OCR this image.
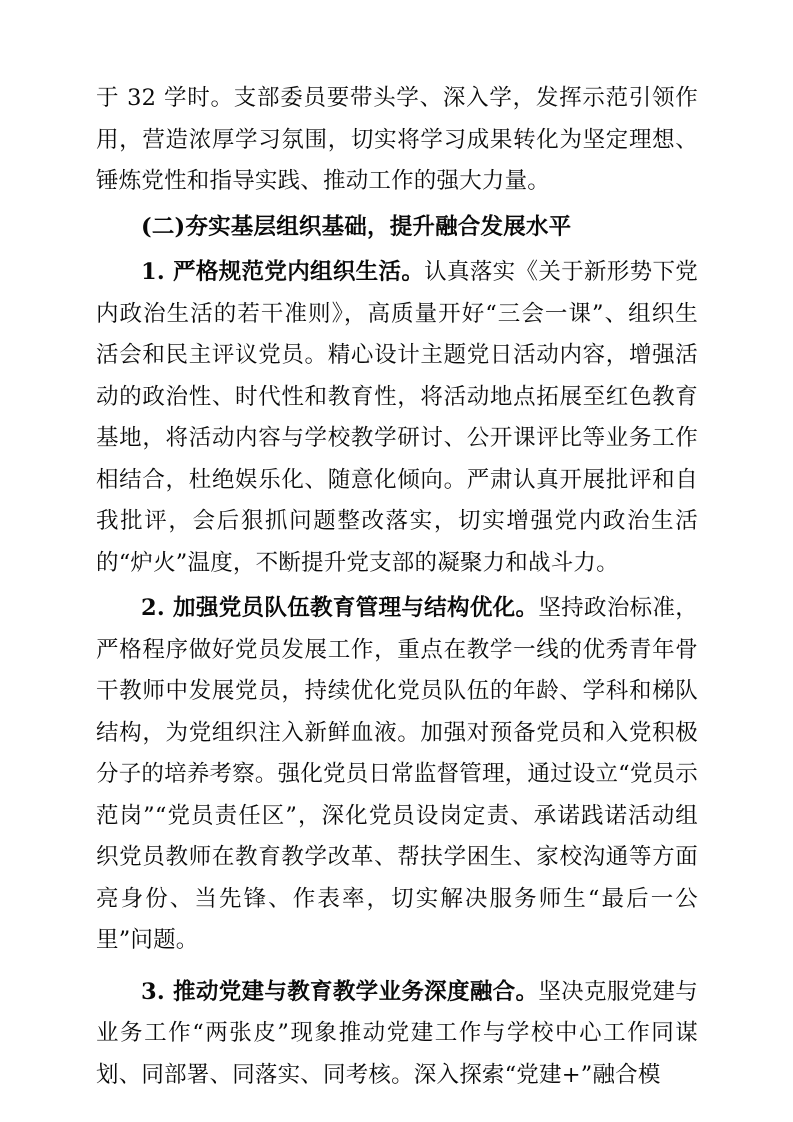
于 32 学时。支部委员要带头学、深入学，发挥示范引领作用，营造浓厚学习氛围，切实将学习成果转化为坚定理想、锤炼党性和指导实践、推动工作的强大力量。

(二)夯实基层组织基础，提升融合发展水平

1. 严格规范党内组织生活。认真落实《关于新形势下党内政治生活的若干准则》，高质量开好“三会一课”、组织生活会和民主评议党员。精心设计主题党日活动内容，增强活动的政治性、时代性和教育性，将活动地点拓展至红色教育基地，将活动内容与学校教学研讨、公开课评比等业务工作相结合，杜绝娱乐化、随意化倾向。严肃认真开展批评和自我批评，会后狠抓问题整改落实，切实增强党内政治生活的“炉火”温度，不断提升党支部的凝聚力和战斗力。

2. 加强党员队伍教育管理与结构优化。坚持政治标准，严格程序做好党员发展工作，重点在教学一线的优秀青年骨干教师中发展党员，持续优化党员队伍的年龄、学科和梯队结构，为党组织注入新鲜血液。加强对预备党员和入党积极分子的培养考察。强化党员日常监督管理，通过设立“党员示范岗”“党员责任区”，深化党员设岗定责、承诺践诺活动组织党员教师在教育教学改革、帮扶学困生、家校沟通等方面亮身份、当先锋、作表率，切实解决服务师生“最后一公里”问题。

3. 推动党建与教育教学业务深度融合。坚决克服党建与业务工作“两张皮”现象推动党建工作与学校中心工作同谋划、同部署、同落实、同考核。深入探索“党建+”融合模
